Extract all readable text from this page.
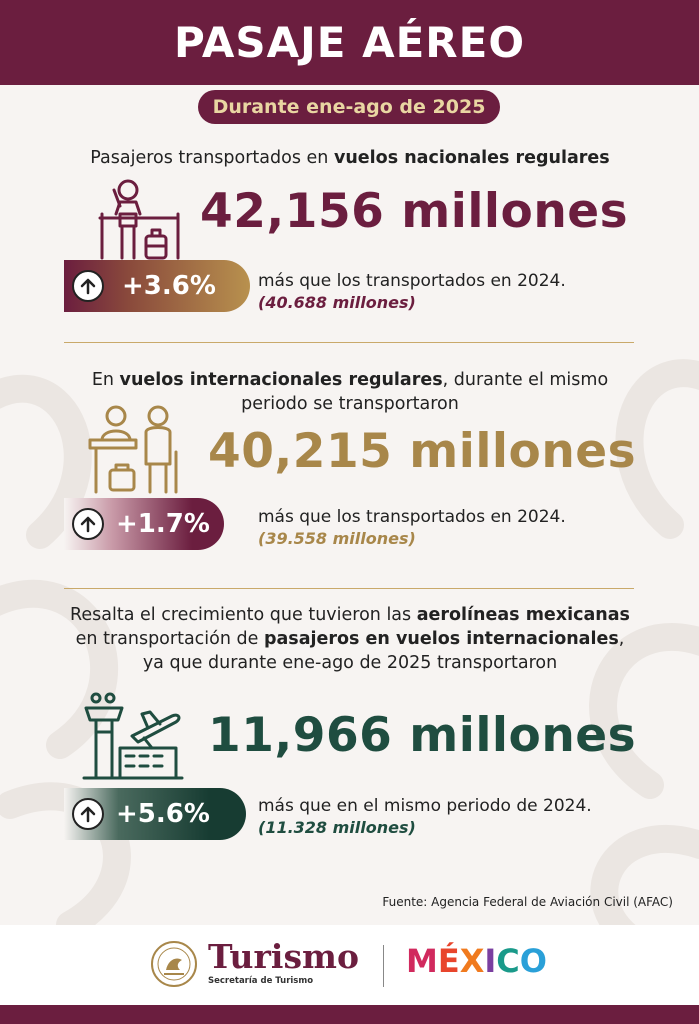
PASAJE AÉREO
Durante ene-ago de 2025
Pasajeros transportados en vuelos nacionales regulares
42,156 millones
+3.6% más que los transportados en 2024.
(40.688 millones)
En vuelos internacionales regulares, durante el mismo
periodo se transportaron
40,215 millones
+1.7%	más que los transportados en 2024.
(39.558 millones)
Resalta el crecimiento que tuvieron las aerolíneas mexicanas
en transportación de pasajeros en vuelos internacionales,
ya que durante ene-ago de 2025 transportaron
11,966 millones
+5.6%	más que en el mismo periodo de 2024.
(11.328 millones)
Fuente: Agencia Federal de Aviación Civil (AFAC)
Turismo
Secretaría de Turismo
MÉXICO
